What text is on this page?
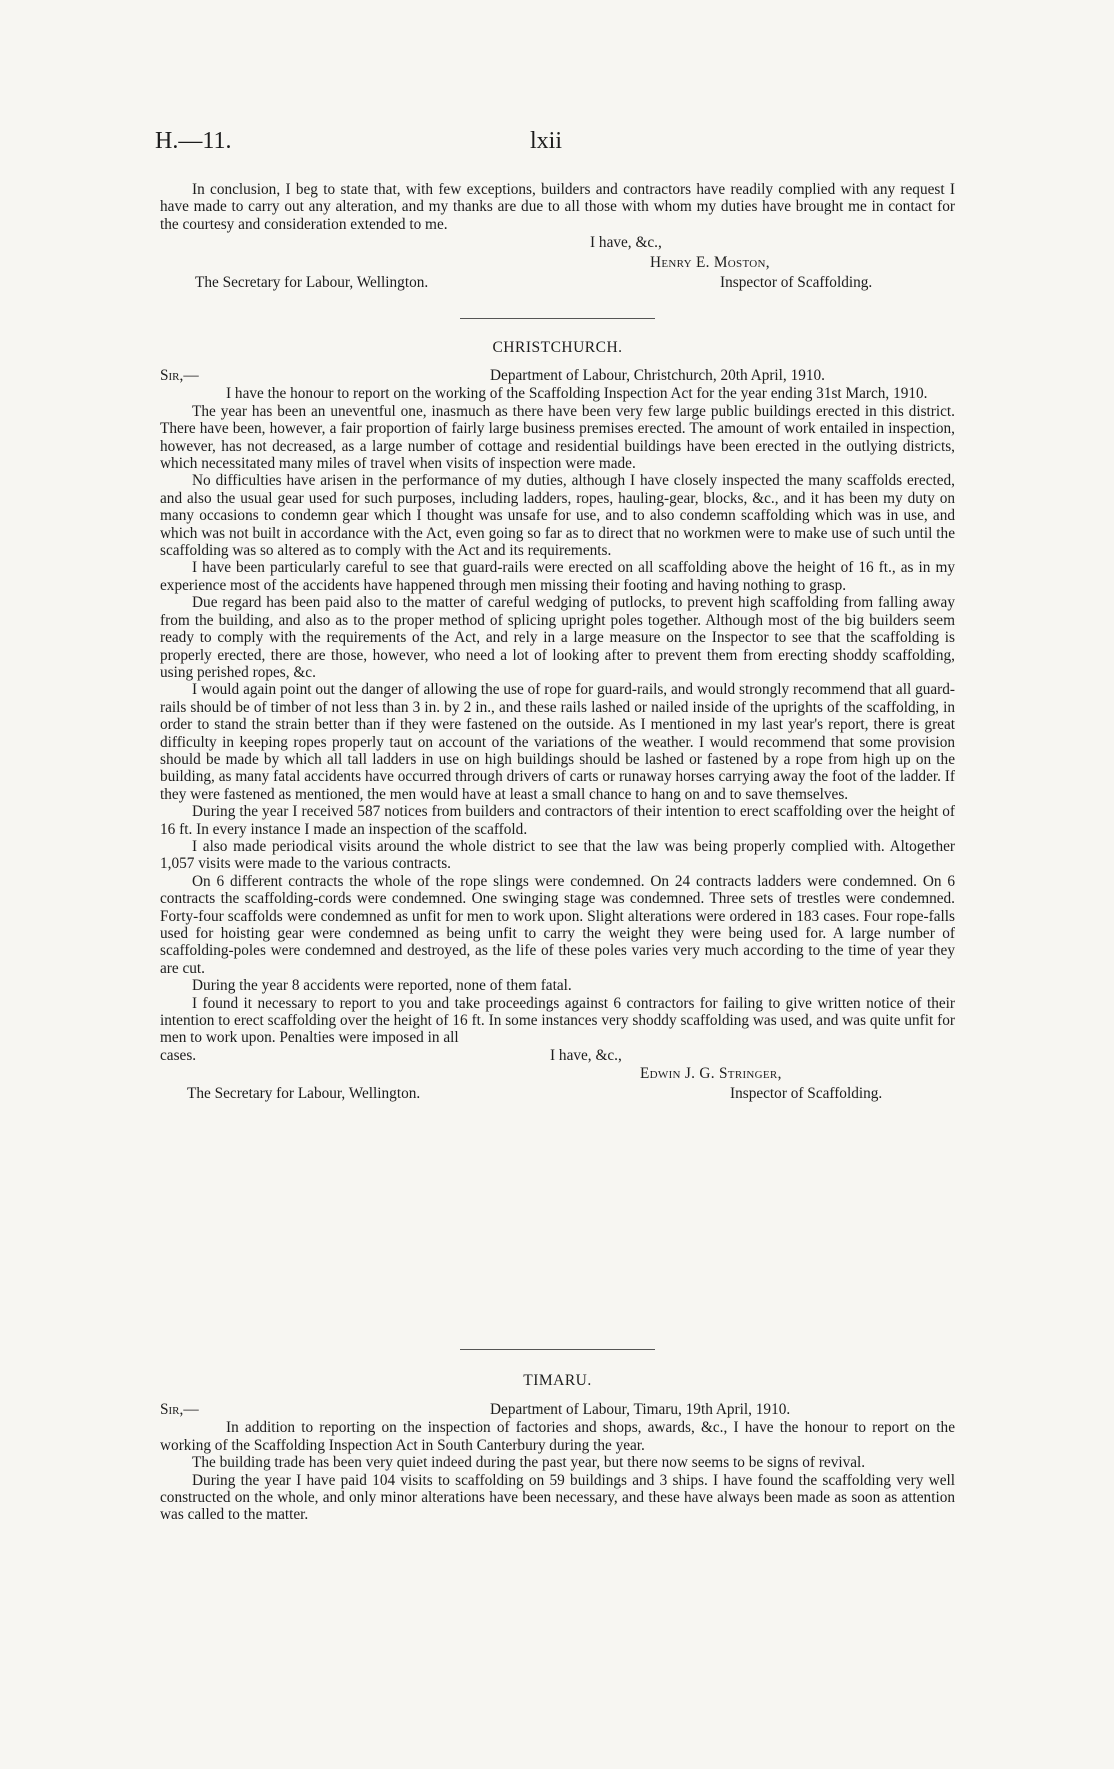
H.—11.	lxii

In conclusion, I beg to state that, with few exceptions, builders and contractors have readily complied with any request I have made to carry out any alteration, and my thanks are due to all those with whom my duties have brought me in contact for the courtesy and consideration extended to me.

I have, &c.,
Henry E. Moston,
The Secretary for Labour, Wellington.	Inspector of Scaffolding.

CHRISTCHURCH.

Sir,—	Department of Labour, Christchurch, 20th April, 1910.

I have the honour to report on the working of the Scaffolding Inspection Act for the year ending 31st March, 1910.

The year has been an uneventful one, inasmuch as there have been very few large public buildings erected in this district. There have been, however, a fair proportion of fairly large business premises erected. The amount of work entailed in inspection, however, has not decreased, as a large number of cottage and residential buildings have been erected in the outlying districts, which necessitated many miles of travel when visits of inspection were made.

No difficulties have arisen in the performance of my duties, although I have closely inspected the many scaffolds erected, and also the usual gear used for such purposes, including ladders, ropes, hauling-gear, blocks, &c., and it has been my duty on many occasions to condemn gear which I thought was unsafe for use, and to also condemn scaffolding which was in use, and which was not built in accordance with the Act, even going so far as to direct that no workmen were to make use of such until the scaffolding was so altered as to comply with the Act and its requirements.

I have been particularly careful to see that guard-rails were erected on all scaffolding above the height of 16 ft., as in my experience most of the accidents have happened through men missing their footing and having nothing to grasp.

Due regard has been paid also to the matter of careful wedging of putlocks, to prevent high scaffolding from falling away from the building, and also as to the proper method of splicing upright poles together. Although most of the big builders seem ready to comply with the requirements of the Act, and rely in a large measure on the Inspector to see that the scaffolding is properly erected, there are those, however, who need a lot of looking after to prevent them from erecting shoddy scaffolding, using perished ropes, &c.

I would again point out the danger of allowing the use of rope for guard-rails, and would strongly recommend that all guard-rails should be of timber of not less than 3 in. by 2 in., and these rails lashed or nailed inside of the uprights of the scaffolding, in order to stand the strain better than if they were fastened on the outside. As I mentioned in my last year's report, there is great difficulty in keeping ropes properly taut on account of the variations of the weather. I would recommend that some provision should be made by which all tall ladders in use on high buildings should be lashed or fastened by a rope from high up on the building, as many fatal accidents have occurred through drivers of carts or runaway horses carrying away the foot of the ladder. If they were fastened as mentioned, the men would have at least a small chance to hang on and to save themselves.

During the year I received 587 notices from builders and contractors of their intention to erect scaffolding over the height of 16 ft. In every instance I made an inspection of the scaffold.

I also made periodical visits around the whole district to see that the law was being properly complied with. Altogether 1,057 visits were made to the various contracts.

On 6 different contracts the whole of the rope slings were condemned. On 24 contracts ladders were condemned. On 6 contracts the scaffolding-cords were condemned. One swinging stage was condemned. Three sets of trestles were condemned. Forty-four scaffolds were condemned as unfit for men to work upon. Slight alterations were ordered in 183 cases. Four rope-falls used for hoisting gear were condemned as being unfit to carry the weight they were being used for. A large number of scaffolding-poles were condemned and destroyed, as the life of these poles varies very much according to the time of year they are cut.

During the year 8 accidents were reported, none of them fatal.

I found it necessary to report to you and take proceedings against 6 contractors for failing to give written notice of their intention to erect scaffolding over the height of 16 ft. In some instances very shoddy scaffolding was used, and was quite unfit for men to work upon. Penalties were imposed in all

cases.	I have, &c.,
Edwin J. G. Stringer,
The Secretary for Labour, Wellington.	Inspector of Scaffolding.

TIMARU.

Sir,—	Department of Labour, Timaru, 19th April, 1910.

In addition to reporting on the inspection of factories and shops, awards, &c., I have the honour to report on the working of the Scaffolding Inspection Act in South Canterbury during the year.

The building trade has been very quiet indeed during the past year, but there now seems to be signs of revival.

During the year I have paid 104 visits to scaffolding on 59 buildings and 3 ships. I have found the scaffolding very well constructed on the whole, and only minor alterations have been necessary, and these have always been made as soon as attention was called to the matter.
